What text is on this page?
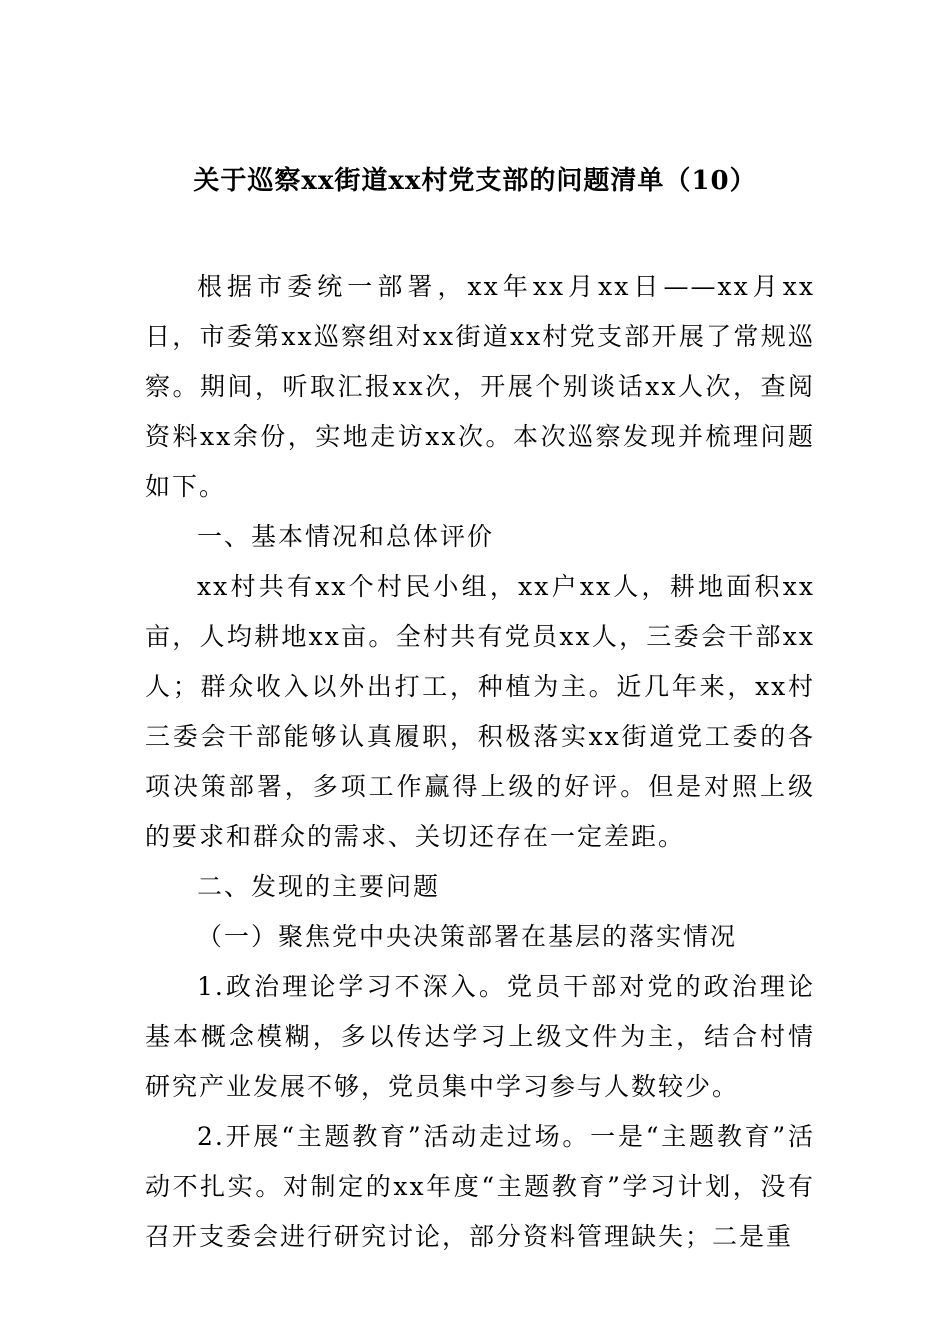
关于巡察xx街道xx村党支部的问题清单（10）

根据市委统一部署，xx年xx月xx日——xx月xx日，市委第xx巡察组对xx街道xx村党支部开展了常规巡察。期间，听取汇报xx次，开展个别谈话xx人次，查阅资料xx余份，实地走访xx次。本次巡察发现并梳理问题如下。

一、基本情况和总体评价

xx村共有xx个村民小组，xx户xx人，耕地面积xx亩，人均耕地xx亩。全村共有党员xx人，三委会干部xx人；群众收入以外出打工，种植为主。近几年来，xx村三委会干部能够认真履职，积极落实xx街道党工委的各项决策部署，多项工作赢得上级的好评。但是对照上级的要求和群众的需求、关切还存在一定差距。

二、发现的主要问题

（一）聚焦党中央决策部署在基层的落实情况

1.政治理论学习不深入。党员干部对党的政治理论基本概念模糊，多以传达学习上级文件为主，结合村情研究产业发展不够，党员集中学习参与人数较少。

2.开展“主题教育”活动走过场。一是“主题教育”活动不扎实。对制定的xx年度“主题教育”学习计划，没有召开支委会进行研究讨论，部分资料管理缺失；二是重
